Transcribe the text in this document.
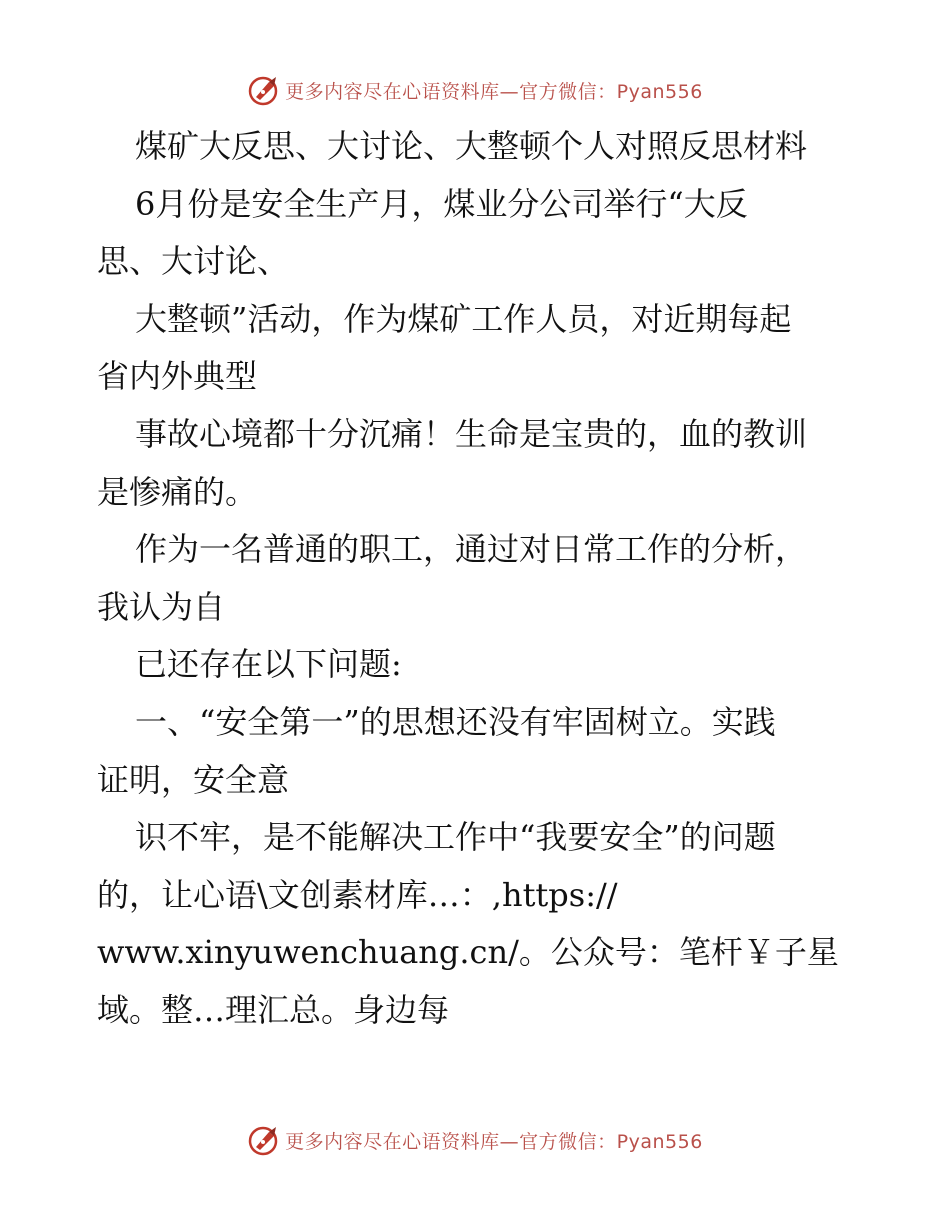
更多内容尽在心语资料库—官方微信：Pyan556
煤矿大反思、大讨论、大整顿个人对照反思材料
6月份是安全生产月，煤业分公司举行“大反
思、大讨论、
大整顿”活动，作为煤矿工作人员，对近期每起
省内外典型
事故心境都十分沉痛！生命是宝贵的，血的教训
是惨痛的。
作为一名普通的职工，通过对日常工作的分析，
我认为自
已还存在以下问题:
一、“安全第一”的思想还没有牢固树立。实践
证明，安全意
识不牢，是不能解决工作中“我要安全”的问题
的，让心语\文创素材库…：,https://
www.xinyuwenchuang.cn/。公众号：笔杆￥子星
域。整…理汇总。身边每
更多内容尽在心语资料库—官方微信：Pyan556
